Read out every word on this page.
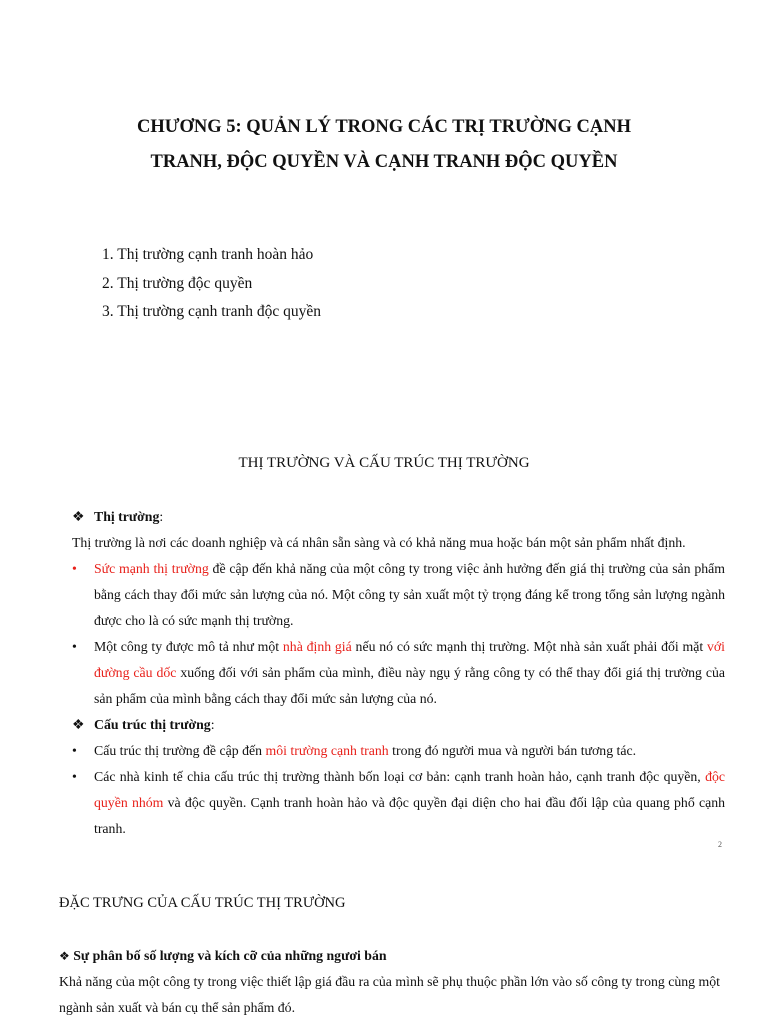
CHƯƠNG 5: QUẢN LÝ TRONG CÁC TRỊ TRƯỜNG CẠNH
TRANH, ĐỘC QUYỀN VÀ CẠNH TRANH ĐỘC QUYỀN
1. Thị trường cạnh tranh hoàn hảo
2. Thị trường độc quyền
3. Thị trường cạnh tranh độc quyền
THỊ TRƯỜNG VÀ CẤU TRÚC THỊ TRƯỜNG
❖ Thị trường:
Thị trường là nơi các doanh nghiệp và cá nhân sẵn sàng và có khả năng mua hoặc bán một sản phẩm nhất định.
•	Sức mạnh thị trường đề cập đến khả năng của một công ty trong việc ảnh hưởng đến giá thị trường của sản phẩm bằng cách thay đổi mức sản lượng của nó. Một công ty sản xuất một tỷ trọng đáng kể trong tổng sản lượng ngành được cho là có sức mạnh thị trường.
•	Một công ty được mô tả như một nhà định giá nếu nó có sức mạnh thị trường. Một nhà sản xuất phải đối mặt với đường cầu dốc xuống đối với sản phẩm của mình, điều này ngụ ý rằng công ty có thể thay đổi giá thị trường của sản phẩm của mình bằng cách thay đổi mức sản lượng của nó.
❖ Cấu trúc thị trường:
•	Cấu trúc thị trường đề cập đến môi trường cạnh tranh trong đó người mua và người bán tương tác.
•	Các nhà kinh tế chia cấu trúc thị trường thành bốn loại cơ bản: cạnh tranh hoàn hảo, cạnh tranh độc quyền, độc quyền nhóm và độc quyền. Cạnh tranh hoàn hảo và độc quyền đại diện cho hai đầu đối lập của quang phổ cạnh tranh.
2
ĐẶC TRƯNG CỦA CẤU TRÚC THỊ TRƯỜNG
❖ Sự phân bố số lượng và kích cỡ của những ngươi bán
Khả năng của một công ty trong việc thiết lập giá đầu ra của mình sẽ phụ thuộc phần lớn vào số công ty trong cùng một ngành sản xuất và bán cụ thể sản phẩm đó.
